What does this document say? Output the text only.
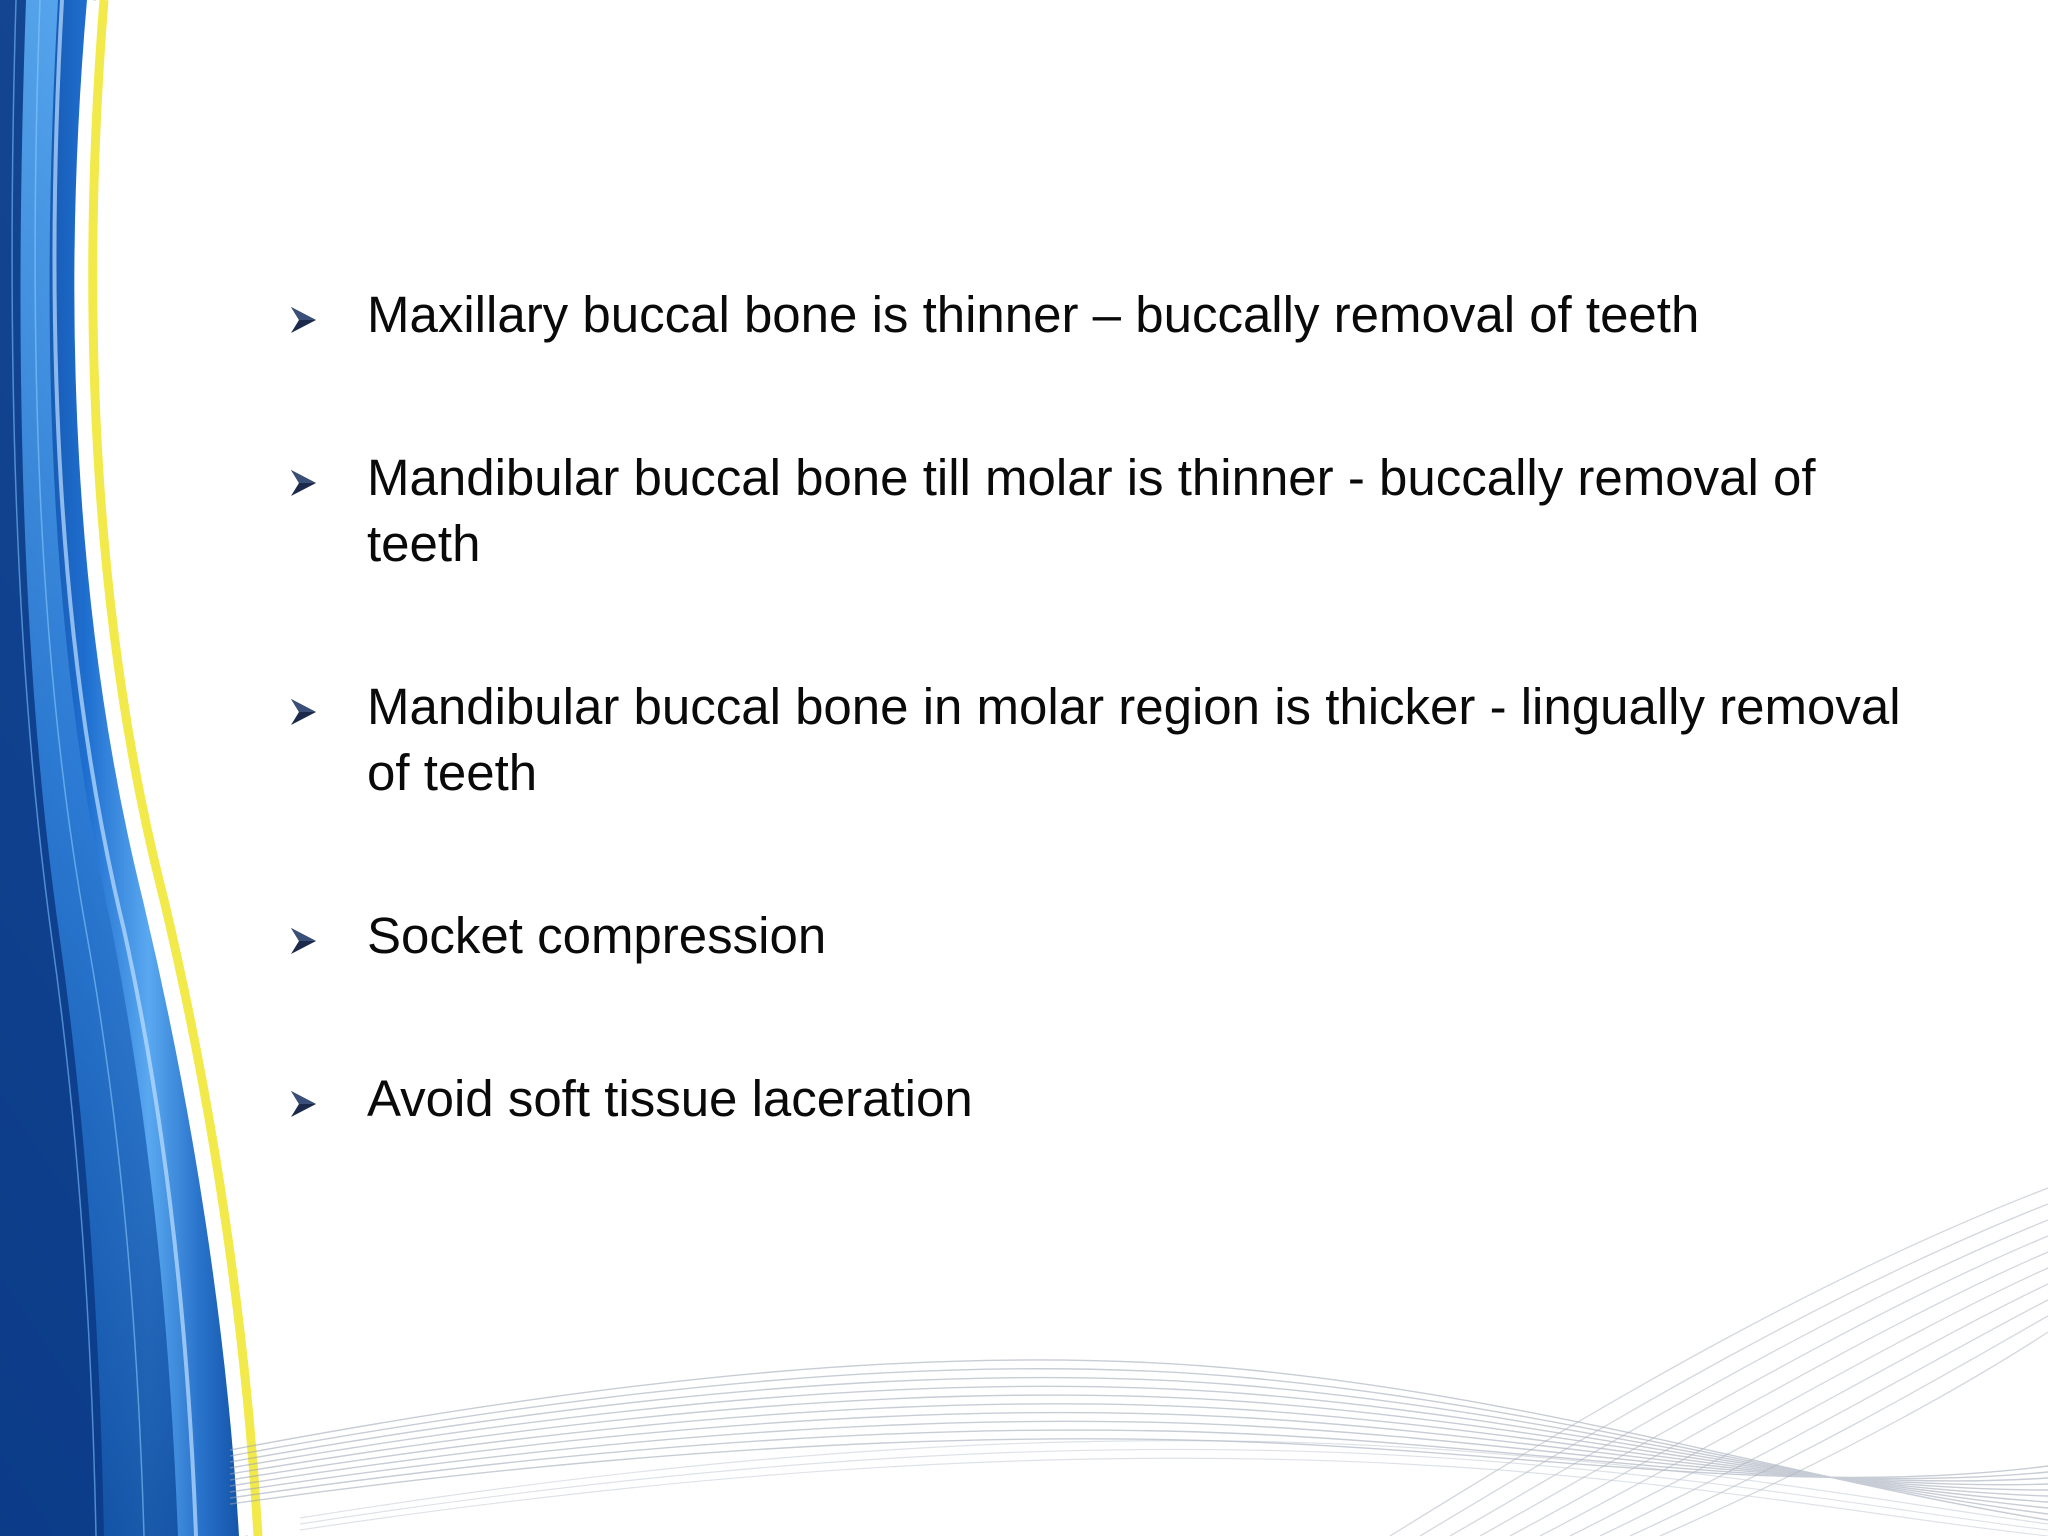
Maxillary buccal bone is thinner – buccally removal of teeth
Mandibular buccal bone till molar is thinner - buccally removal of teeth
Mandibular buccal bone in molar region is thicker - lingually removal of teeth
Socket compression
Avoid soft tissue laceration
